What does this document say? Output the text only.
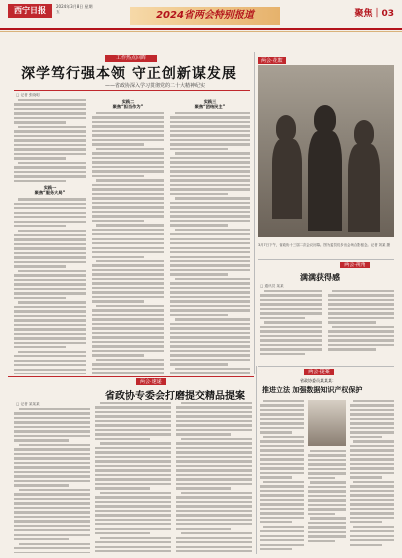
西宁日报	2024年3月8日 星期五	2024省两会特别报道	聚焦｜03
工作热点回眸
深学笃行强本领 守正创新谋发展
——省政协深入学习贯彻党的二十大精神纪实
□ 记者 张晓明
实践一
聚焦“服务大局”
实践二
聚焦“担当作为”
实践三
聚焦“团结民主”
两会·花絮
3月7日下午，省政协十三届二次会议闭幕。图为委员们步出会场合影留念。记者 刘某 摄
两会·视角
满满获得感
□ 通讯员 某某
两会·提案
省政协委员某某某：
推进立法 加强数据知识产权保护
两会·速递
省政协专委会打磨提交精品提案
□ 记者 某某某
